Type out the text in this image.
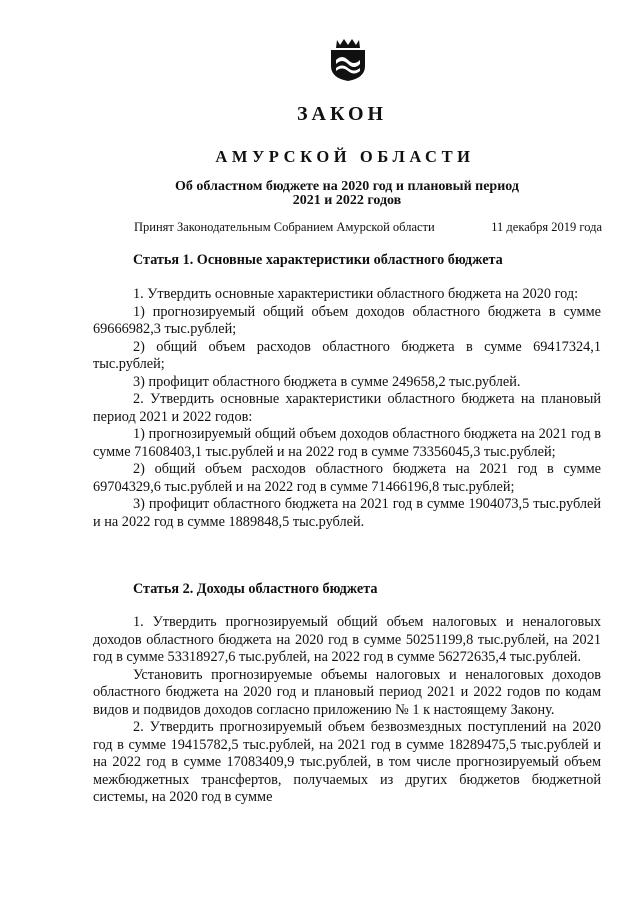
ЗАКОН
АМУРСКОЙ ОБЛАСТИ
Об областном бюджете на 2020 год и плановый период
2021 и 2022 годов
Принят Законодательным Собранием Амурской области	11 декабря 2019 года
Статья 1. Основные характеристики областного бюджета

1. Утвердить основные характеристики областного бюджета на 2020 год:

1) прогнозируемый общий объем доходов областного бюджета в сумме 69666982,3 тыс.рублей;

2) общий объем расходов областного бюджета в сумме 69417324,1 тыс.рублей;

3) профицит областного бюджета в сумме 249658,2 тыс.рублей.

2. Утвердить основные характеристики областного бюджета на плановый период 2021 и 2022 годов:

1) прогнозируемый общий объем доходов областного бюджета на 2021 год в сумме 71608403,1 тыс.рублей и на 2022 год в сумме 73356045,3 тыс.рублей;

2) общий объем расходов областного бюджета на 2021 год в сумме 69704329,6 тыс.рублей и на 2022 год в сумме 71466196,8 тыс.рублей;

3) профицит областного бюджета на 2021 год в сумме 1904073,5 тыс.рублей и на 2022 год в сумме 1889848,5 тыс.рублей.

Статья 2. Доходы областного бюджета

1. Утвердить прогнозируемый общий объем налоговых и неналоговых доходов областного бюджета на 2020 год в сумме 50251199,8 тыс.рублей, на 2021 год в сумме 53318927,6 тыс.рублей, на 2022 год в сумме 56272635,4 тыс.рублей.

Установить прогнозируемые объемы налоговых и неналоговых доходов областного бюджета на 2020 год и плановый период 2021 и 2022 годов по кодам видов и подвидов доходов согласно приложению № 1 к настоящему Закону.

2. Утвердить прогнозируемый объем безвозмездных поступлений на 2020 год в сумме 19415782,5 тыс.рублей, на 2021 год в сумме 18289475,5 тыс.рублей и на 2022 год в сумме 17083409,9 тыс.рублей, в том числе прогнозируемый объем межбюджетных трансфертов, получаемых из других бюджетов бюджетной системы, на 2020 год в сумме
